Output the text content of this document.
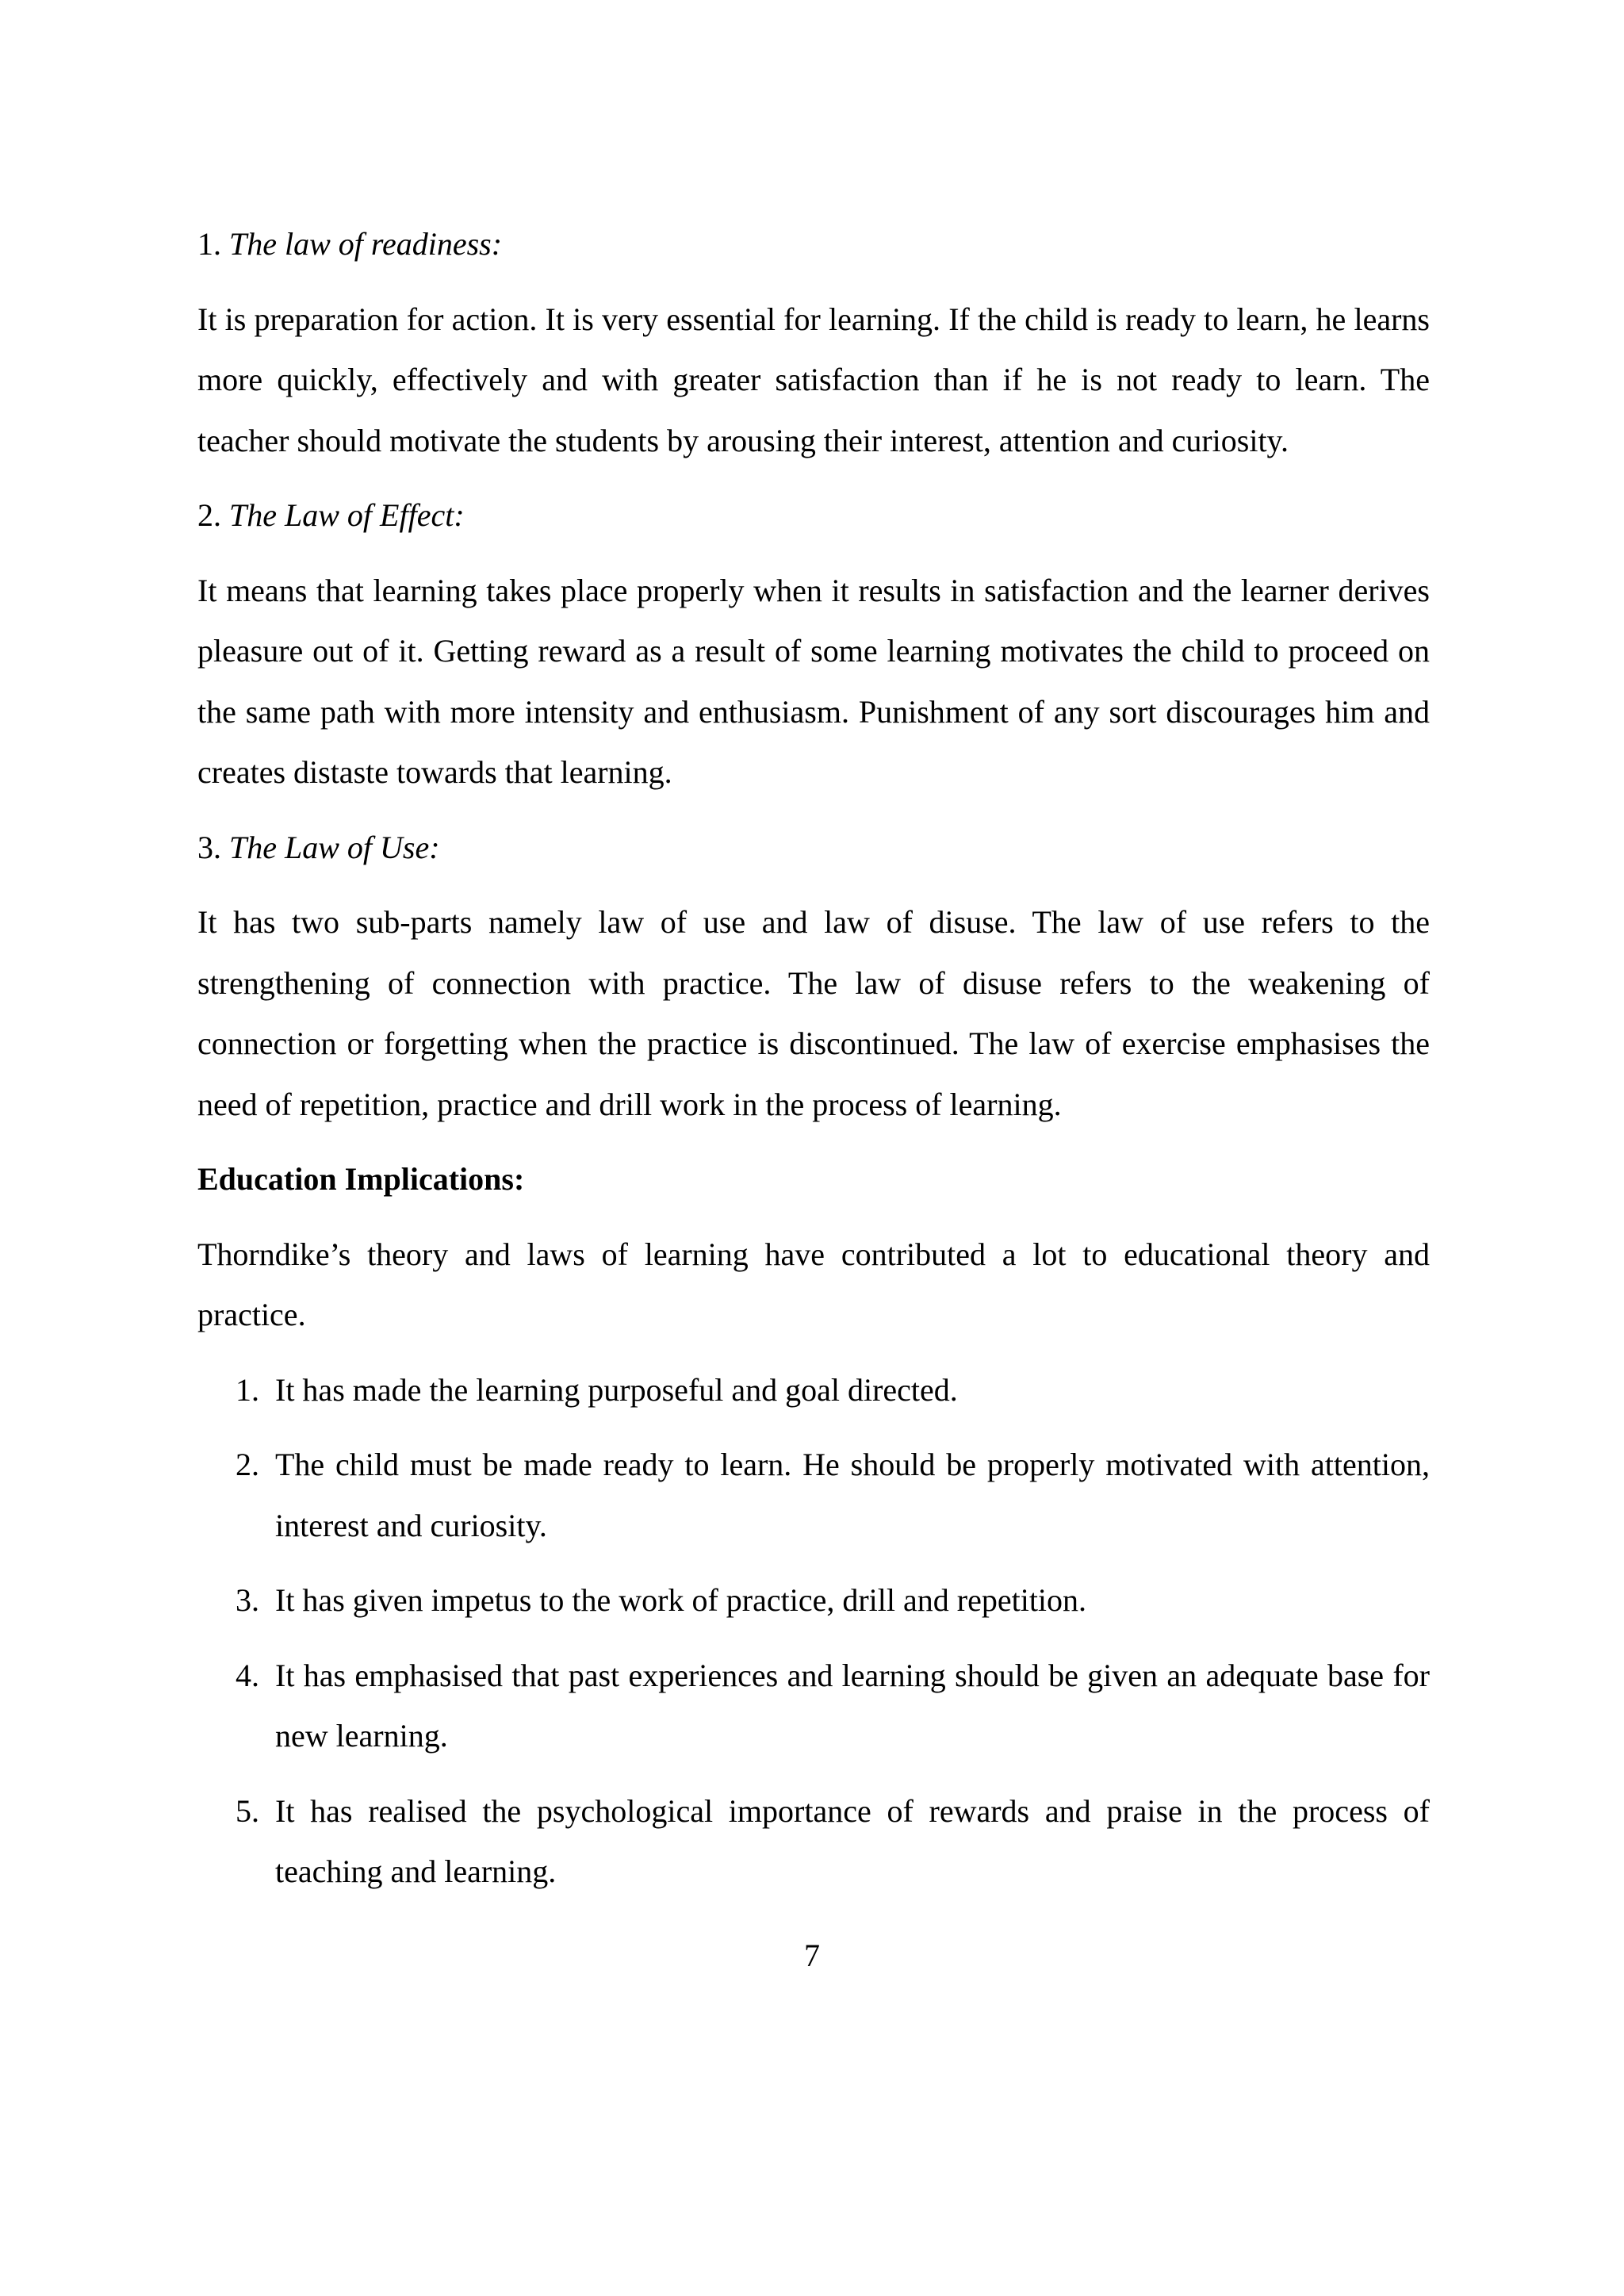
1. The law of readiness:

It is preparation for action. It is very essential for learning. If the child is ready to learn, he learns more quickly, effectively and with greater satisfaction than if he is not ready to learn. The teacher should motivate the students by arousing their interest, attention and curiosity.

2. The Law of Effect:

It means that learning takes place properly when it results in satisfaction and the learner derives pleasure out of it. Getting reward as a result of some learning motivates the child to proceed on the same path with more intensity and enthusiasm. Punishment of any sort discourages him and creates distaste towards that learning.

3. The Law of Use:

It has two sub-parts namely law of use and law of disuse. The law of use refers to the strengthening of connection with practice. The law of disuse refers to the weakening of connection or forgetting when the practice is discontinued. The law of exercise emphasises the need of repetition, practice and drill work in the process of learning.

Education Implications:

Thorndike’s theory and laws of learning have contributed a lot to educational theory and practice.

1. It has made the learning purposeful and goal directed.
2. The child must be made ready to learn. He should be properly motivated with attention, interest and curiosity.
3. It has given impetus to the work of practice, drill and repetition.
4. It has emphasised that past experiences and learning should be given an adequate base for new learning.
5. It has realised the psychological importance of rewards and praise in the process of teaching and learning.
7
